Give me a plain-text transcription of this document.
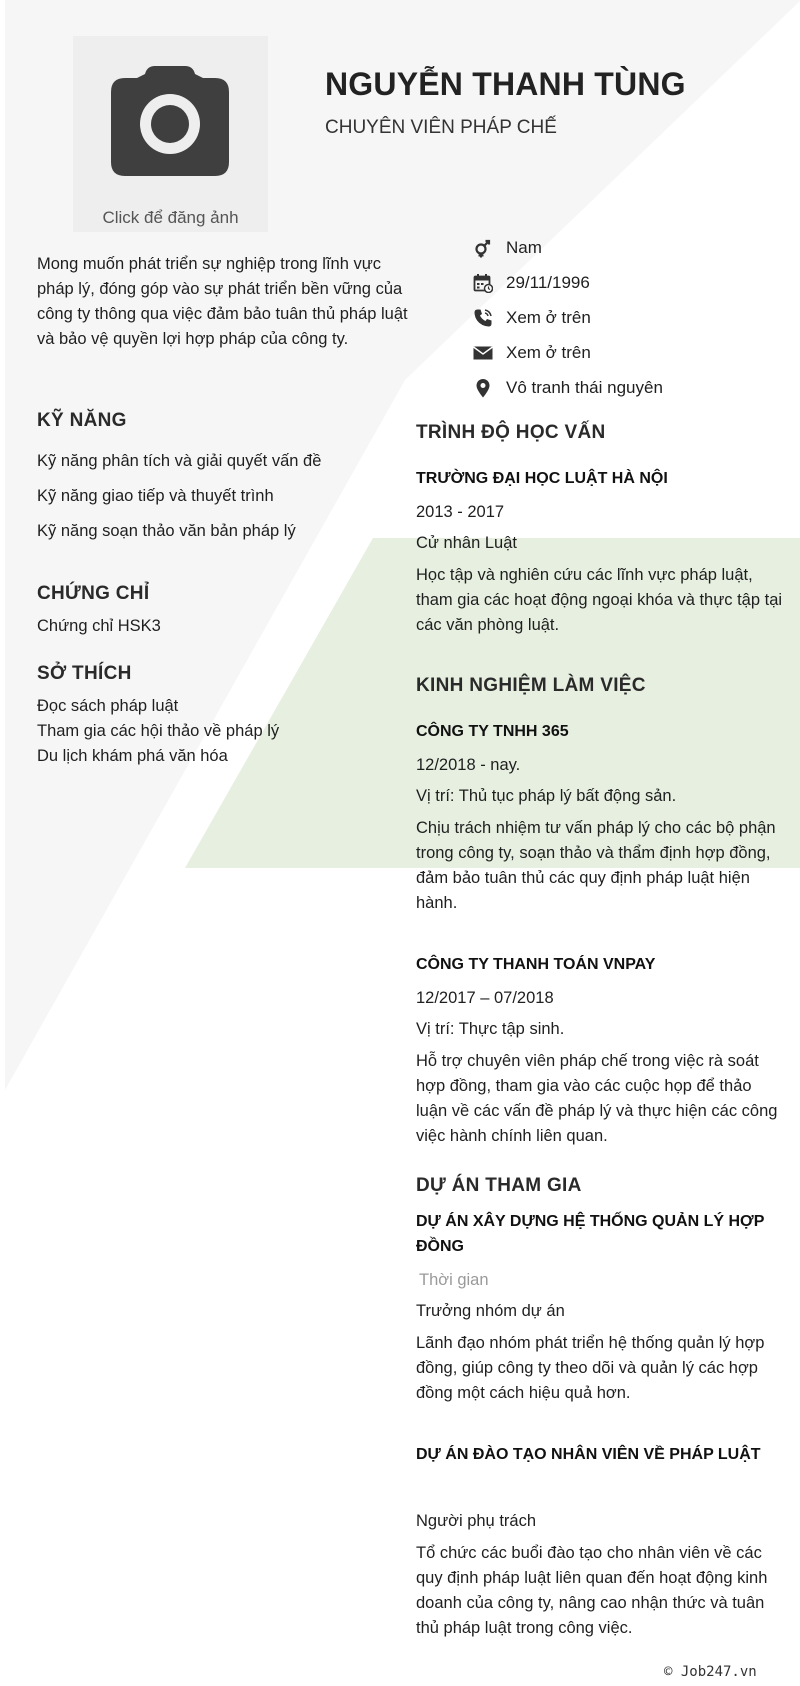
Click để đăng ảnh
NGUYỄN THANH TÙNG
CHUYÊN VIÊN PHÁP CHẾ

Mong muốn phát triển sự nghiệp trong lĩnh vực pháp lý, đóng góp vào sự phát triển bền vững của công ty thông qua việc đảm bảo tuân thủ pháp luật và bảo vệ quyền lợi hợp pháp của công ty.

Nam
29/11/1996
Xem ở trên
Xem ở trên
Vô tranh thái nguyên
KỸ NĂNG
Kỹ năng phân tích và giải quyết vấn đề
Kỹ năng giao tiếp và thuyết trình
Kỹ năng soạn thảo văn bản pháp lý
CHỨNG CHỈ

Chứng chỉ HSK3

SỞ THÍCH
Đọc sách pháp luật
Tham gia các hội thảo về pháp lý
Du lịch khám phá văn hóa
TRÌNH ĐỘ HỌC VẤN

TRƯỜNG ĐẠI HỌC LUẬT HÀ NỘI

2013 - 2017

Cử nhân Luật

Học tập và nghiên cứu các lĩnh vực pháp luật, tham gia các hoạt động ngoại khóa và thực tập tại các văn phòng luật.

KINH NGHIỆM LÀM VIỆC

CÔNG TY TNHH 365

12/2018 - nay.

Vị trí: Thủ tục pháp lý bất động sản.

Chịu trách nhiệm tư vấn pháp lý cho các bộ phận trong công ty, soạn thảo và thẩm định hợp đồng, đảm bảo tuân thủ các quy định pháp luật hiện hành.

CÔNG TY THANH TOÁN VNPAY

12/2017 – 07/2018

Vị trí: Thực tập sinh.

Hỗ trợ chuyên viên pháp chế trong việc rà soát hợp đồng, tham gia vào các cuộc họp để thảo luận về các vấn đề pháp lý và thực hiện các công việc hành chính liên quan.

DỰ ÁN THAM GIA

DỰ ÁN XÂY DỰNG HỆ THỐNG QUẢN LÝ HỢP ĐỒNG

Thời gian

Trưởng nhóm dự án

Lãnh đạo nhóm phát triển hệ thống quản lý hợp đồng, giúp công ty theo dõi và quản lý các hợp đồng một cách hiệu quả hơn.

DỰ ÁN ĐÀO TẠO NHÂN VIÊN VỀ PHÁP LUẬT

Người phụ trách

Tổ chức các buổi đào tạo cho nhân viên về các quy định pháp luật liên quan đến hoạt động kinh doanh của công ty, nâng cao nhận thức và tuân thủ pháp luật trong công việc.

© Job247.vn
